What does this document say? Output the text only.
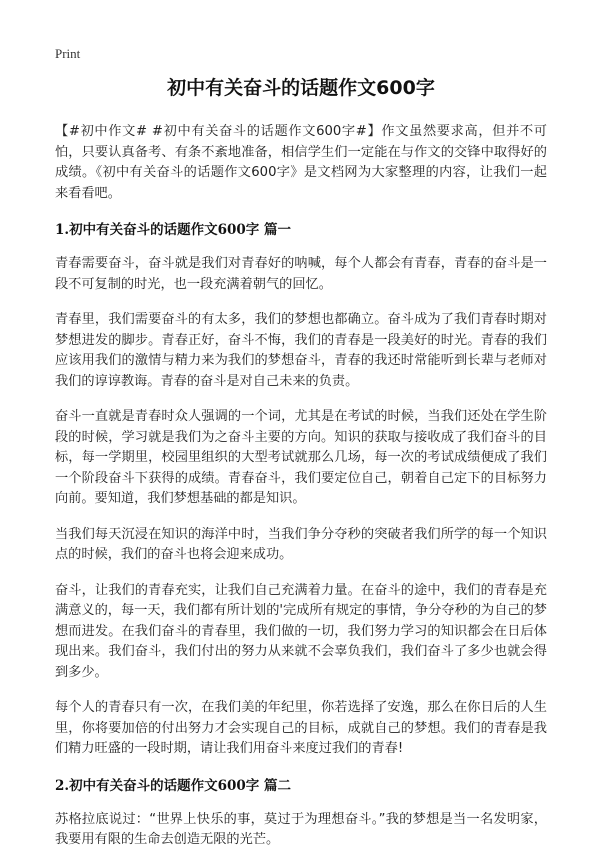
Print
初中有关奋斗的话题作文600字

【#初中作文# #初中有关奋斗的话题作文600字#】作文虽然要求高，但并不可怕，只要认真备考、有条不紊地准备，相信学生们一定能在与作文的交锋中取得好的成绩。《初中有关奋斗的话题作文600字》是文档网为大家整理的内容，让我们一起来看看吧。

1.初中有关奋斗的话题作文600字 篇一

青春需要奋斗，奋斗就是我们对青春好的呐喊，每个人都会有青春，青春的奋斗是一段不可复制的时光，也一段充满着朝气的回忆。

青春里，我们需要奋斗的有太多，我们的梦想也都确立。奋斗成为了我们青春时期对梦想进发的脚步。青春正好，奋斗不悔，我们的青春是一段美好的时光。青春的我们应该用我们的激情与精力来为我们的梦想奋斗，青春的我还时常能听到长辈与老师对我们的谆谆教诲。青春的奋斗是对自己未来的负责。

奋斗一直就是青春时众人强调的一个词，尤其是在考试的时候，当我们还处在学生阶段的时候，学习就是我们为之奋斗主要的方向。知识的获取与接收成了我们奋斗的目标，每一学期里，校园里组织的大型考试就那么几场，每一次的考试成绩便成了我们一个阶段奋斗下获得的成绩。青春奋斗，我们要定位自己，朝着自己定下的目标努力向前。要知道，我们梦想基础的都是知识。

当我们每天沉浸在知识的海洋中时，当我们争分夺秒的突破者我们所学的每一个知识点的时候，我们的奋斗也将会迎来成功。

奋斗，让我们的青春充实，让我们自己充满着力量。在奋斗的途中，我们的青春是充满意义的，每一天，我们都有所计划的'完成所有规定的事情，争分夺秒的为自己的梦想而进发。在我们奋斗的青春里，我们做的一切，我们努力学习的知识都会在日后体现出来。我们奋斗，我们付出的努力从来就不会辜负我们，我们奋斗了多少也就会得到多少。

每个人的青春只有一次，在我们美的年纪里，你若选择了安逸，那么在你日后的人生里，你将要加倍的付出努力才会实现自己的目标，成就自己的梦想。我们的青春是我们精力旺盛的一段时期，请让我们用奋斗来度过我们的青春!

2.初中有关奋斗的话题作文600字 篇二

苏格拉底说过：“世界上快乐的事，莫过于为理想奋斗。”我的梦想是当一名发明家，我要用有限的生命去创造无限的光芒。
